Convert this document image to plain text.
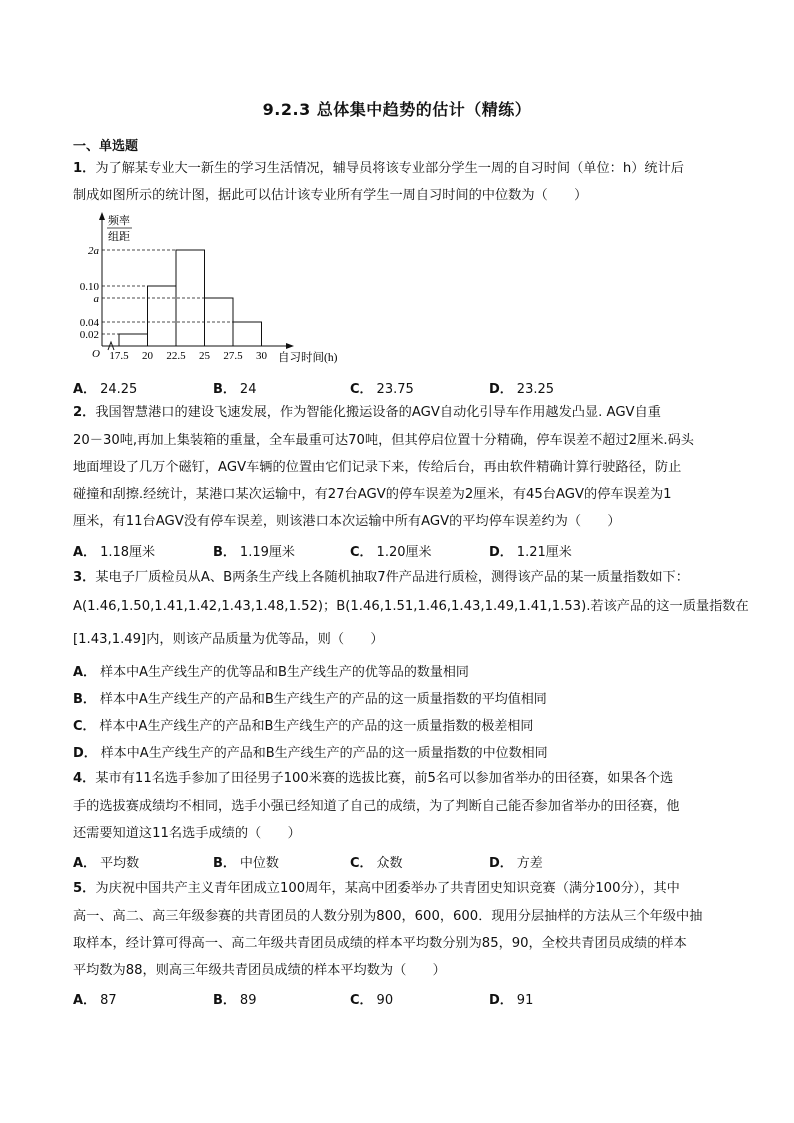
9.2.3 总体集中趋势的估计（精练）
一、单选题
1．为了解某专业大一新生的学习生活情况，辅导员将该专业部分学生一周的自习时间（单位：h）统计后
制成如图所示的统计图，据此可以估计该专业所有学生一周自习时间的中位数为（　　）
频率
组距
O
2a
0.10
a
0.04
0.02
17.5 20 22.5 25 27.5 30 自习时间(h)
A． 24.25	B． 24	C． 23.75	D． 23.25
2．我国智慧港口的建设飞速发展，作为智能化搬运设备的AGV自动化引导车作用越发凸显. AGV自重
20－30吨,再加上集装箱的重量，全车最重可达70吨，但其停启位置十分精确，停车误差不超过2厘米.码头
地面埋设了几万个磁钉，AGV车辆的位置由它们记录下来，传给后台，再由软件精确计算行驶路径，防止
碰撞和刮擦.经统计，某港口某次运输中，有27台AGV的停车误差为2厘米，有45台AGV的停车误差为1
厘米，有11台AGV没有停车误差，则该港口本次运输中所有AGV的平均停车误差约为（　　）
A． 1.18厘米	B． 1.19厘米	C． 1.20厘米	D． 1.21厘米
3．某电子厂质检员从A、B两条生产线上各随机抽取7件产品进行质检，测得该产品的某一质量指数如下：
A(1.46,1.50,1.41,1.42,1.43,1.48,1.52)；B(1.46,1.51,1.46,1.43,1.49,1.41,1.53).若该产品的这一质量指数在
[1.43,1.49]内，则该产品质量为优等品，则（　　）
A． 样本中A生产线生产的优等品和B生产线生产的优等品的数量相同
B． 样本中A生产线生产的产品和B生产线生产的产品的这一质量指数的平均值相同
C． 样本中A生产线生产的产品和B生产线生产的产品的这一质量指数的极差相同
D． 样本中A生产线生产的产品和B生产线生产的产品的这一质量指数的中位数相同
4．某市有11名选手参加了田径男子100米赛的选拔比赛，前5名可以参加省举办的田径赛，如果各个选
手的选拔赛成绩均不相同，选手小强已经知道了自己的成绩，为了判断自己能否参加省举办的田径赛，他
还需要知道这11名选手成绩的（　　）
A． 平均数	B． 中位数	C． 众数	D． 方差
5．为庆祝中国共产主义青年团成立100周年，某高中团委举办了共青团史知识竞赛（满分100分），其中
高一、高二、高三年级参赛的共青团员的人数分别为800，600，600．现用分层抽样的方法从三个年级中抽
取样本，经计算可得高一、高二年级共青团员成绩的样本平均数分别为85，90，全校共青团员成绩的样本
平均数为88，则高三年级共青团员成绩的样本平均数为（　　）
A． 87	B． 89	C． 90	D． 91
